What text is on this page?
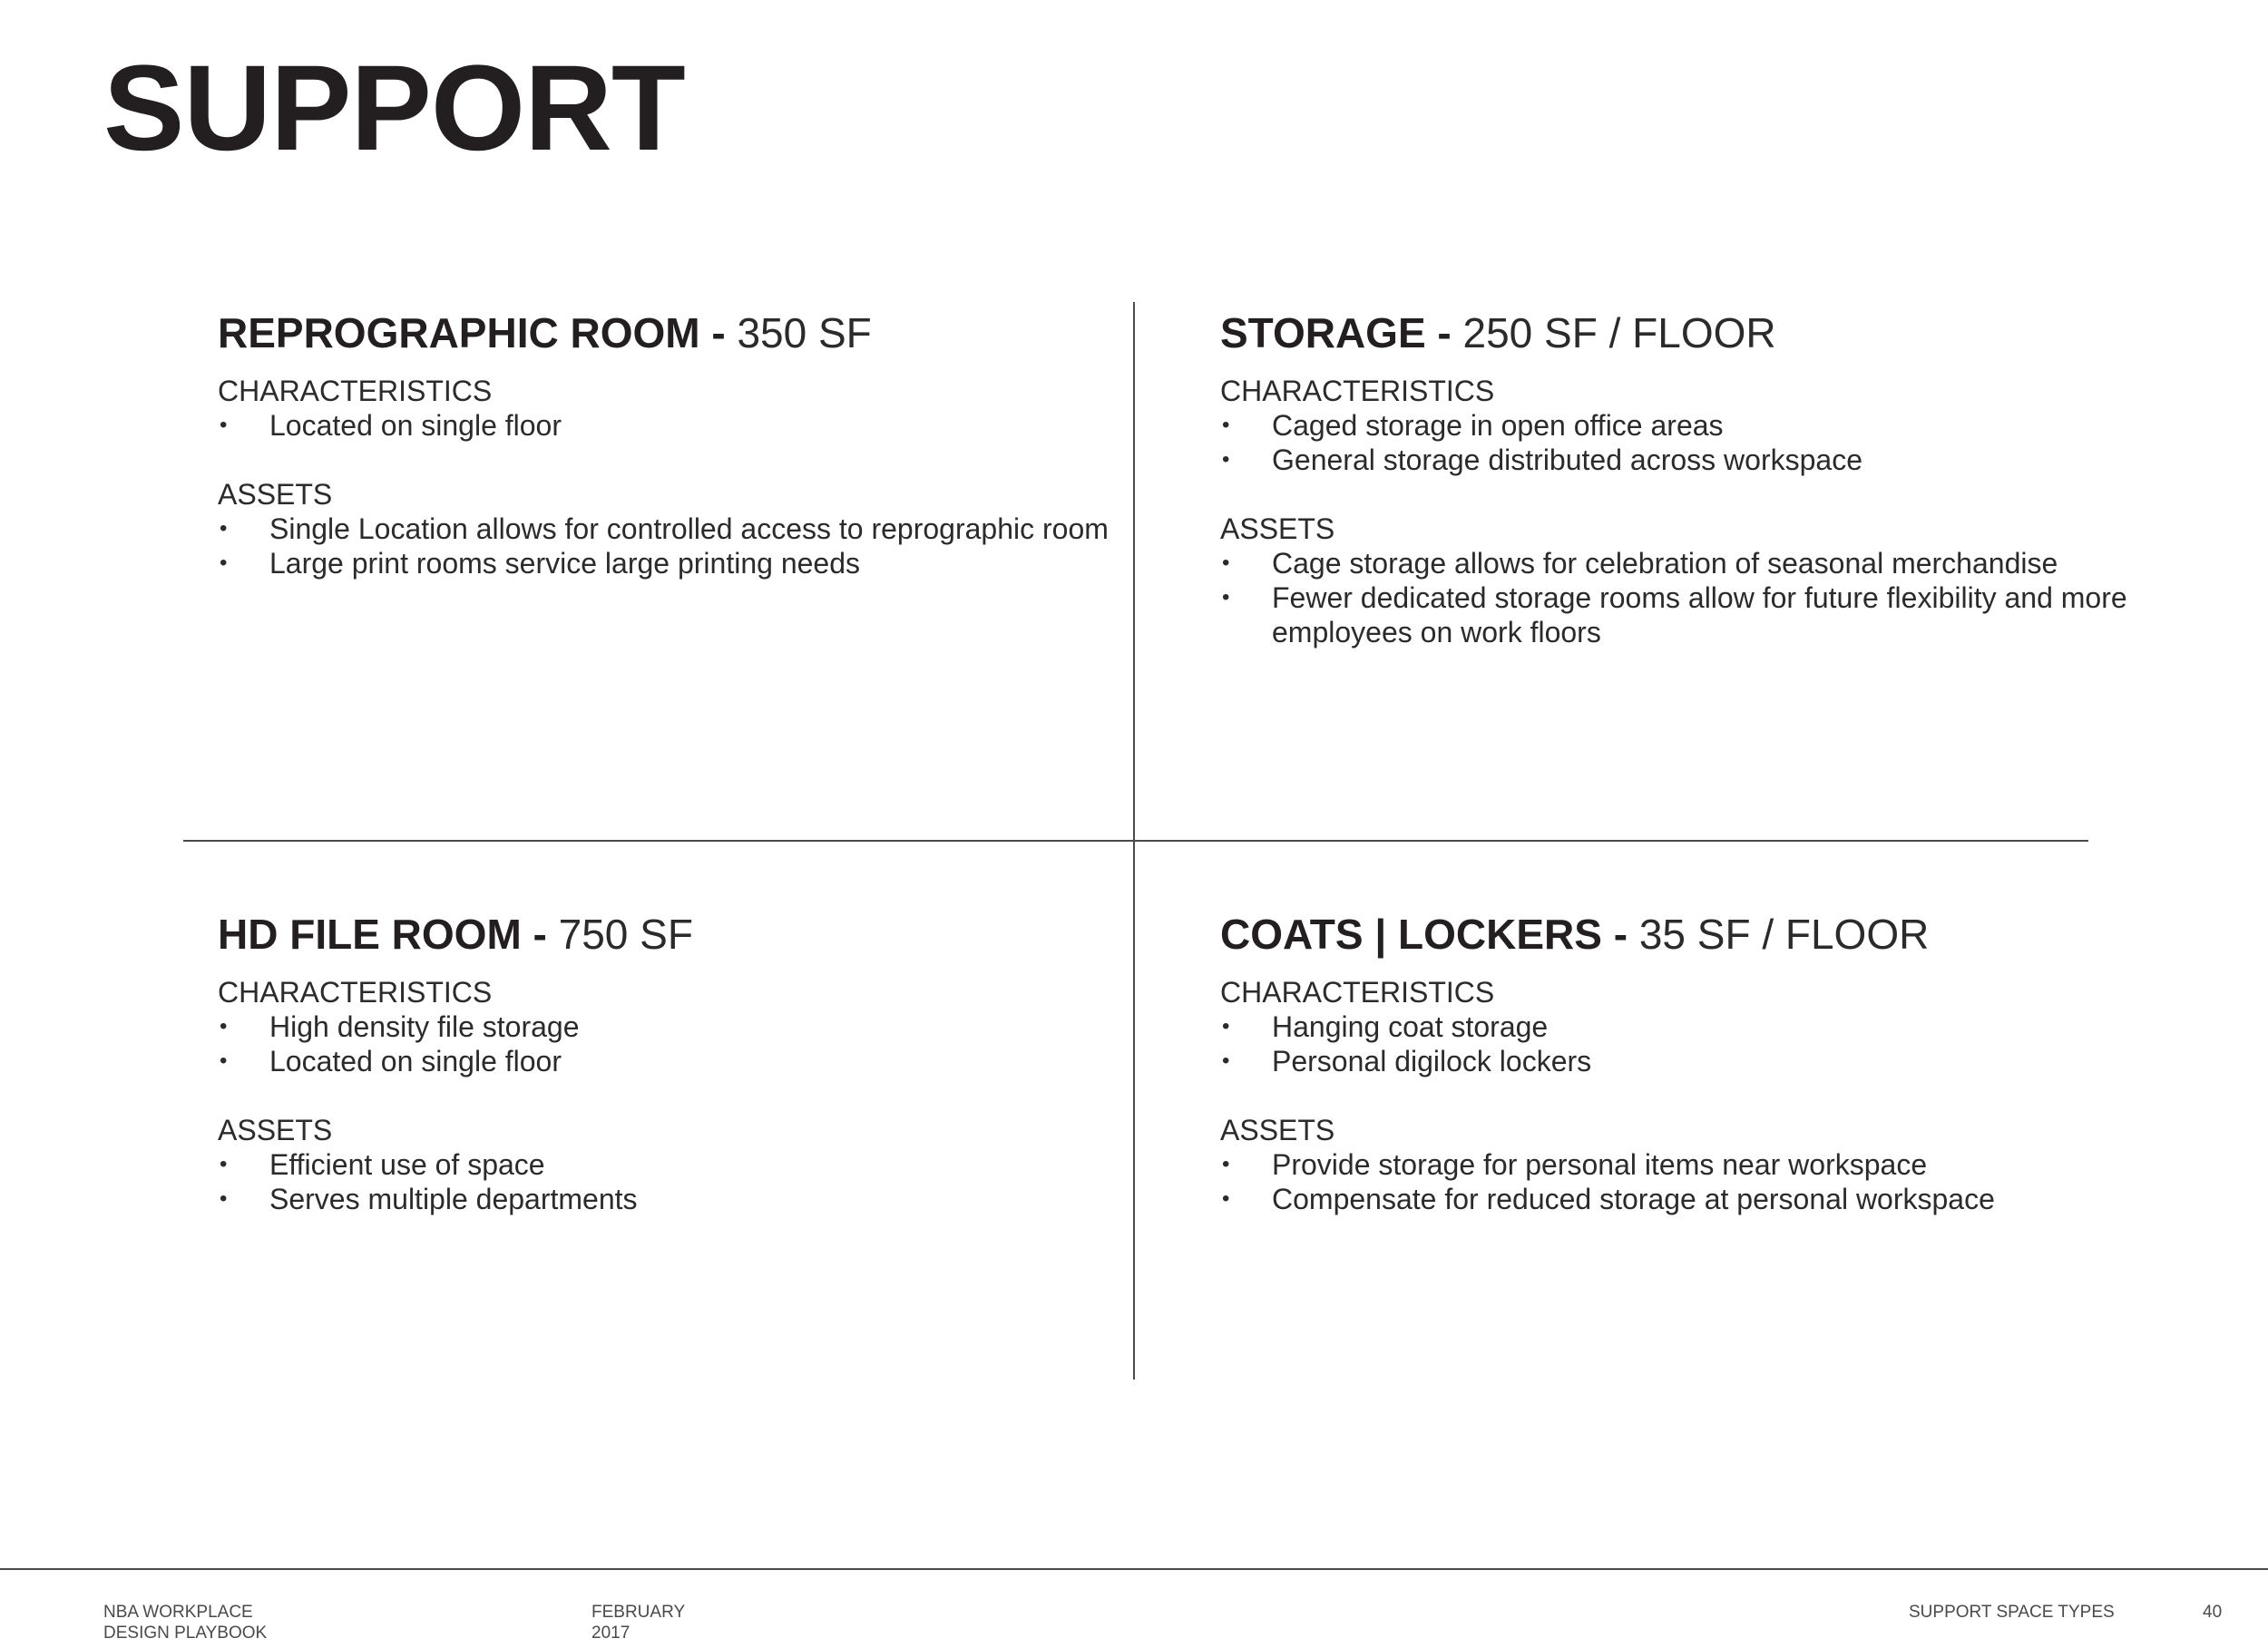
SUPPORT
REPROGRAPHIC ROOM - 350 SF

CHARACTERISTICS

• Located on single floor

ASSETS

• Single Location allows for controlled access to reprographic room
• Large print rooms service large printing needs
STORAGE - 250 SF / FLOOR

CHARACTERISTICS

• Caged storage in open office areas
• General storage distributed across workspace

ASSETS

• Cage storage allows for celebration of seasonal merchandise
• Fewer dedicated storage rooms allow for future flexibility and more employees on work floors
HD FILE ROOM - 750 SF

CHARACTERISTICS

• High density file storage
• Located on single floor

ASSETS

• Efficient use of space
• Serves multiple departments
COATS | LOCKERS - 35 SF / FLOOR

CHARACTERISTICS

• Hanging coat storage
• Personal digilock lockers

ASSETS

• Provide storage for personal items near workspace
• Compensate for reduced storage at personal workspace
NBA WORKPLACE
DESIGN PLAYBOOK
FEBRUARY
2017
SUPPORT SPACE TYPES	40
